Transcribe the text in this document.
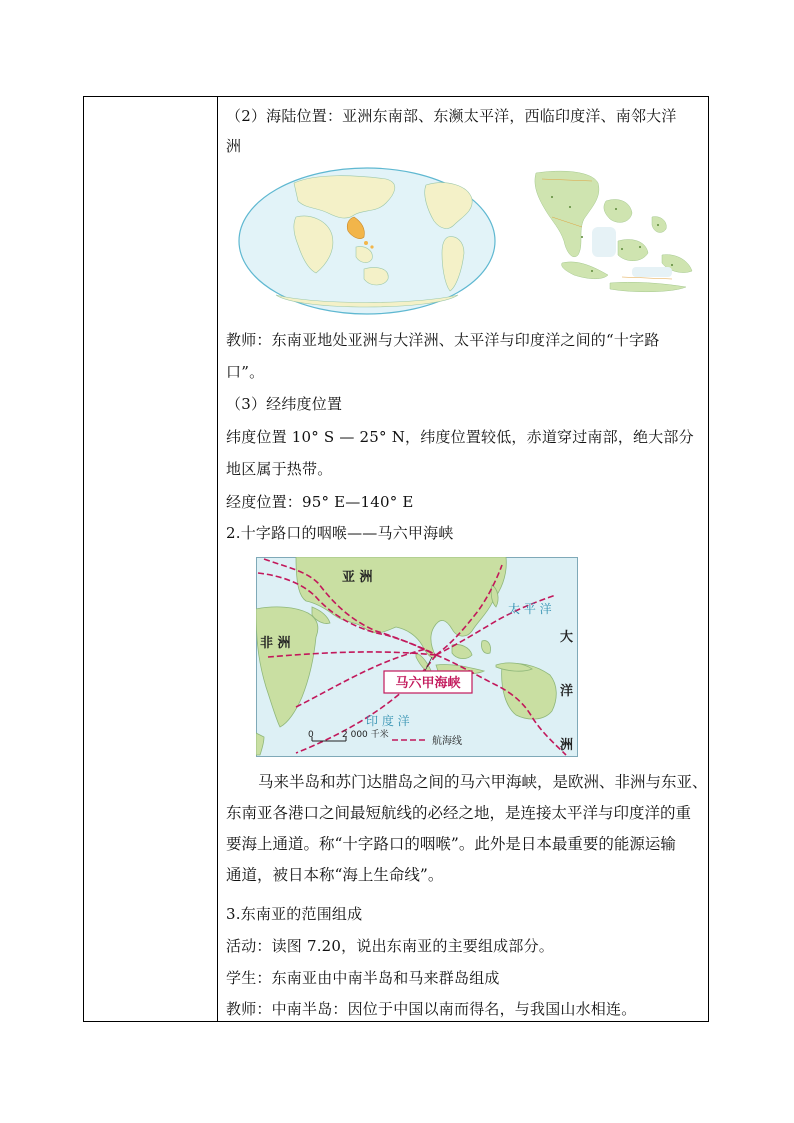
（2）海陆位置：亚洲东南部、东濒太平洋，西临印度洋、南邻大洋
洲
教师：东南亚地处亚洲与大洋洲、太平洋与印度洋之间的“十字路
口”。
（3）经纬度位置
纬度位置 10° S — 25° N，纬度位置较低，赤道穿过南部，绝大部分
地区属于热带。
经度位置：95° E—140° E
2.十字路口的咽喉——马六甲海峡
马六甲海峡
亚 洲
非 洲
太 平 洋
大
洋
洲
印 度 洋
0	2 000 千米
航海线
马来半岛和苏门达腊岛之间的马六甲海峡，是欧洲、非洲与东亚、
东南亚各港口之间最短航线的必经之地，是连接太平洋与印度洋的重
要海上通道。称“十字路口的咽喉”。此外是日本最重要的能源运输
通道，被日本称“海上生命线”。
3.东南亚的范围组成
活动：读图 7.20，说出东南亚的主要组成部分。
学生：东南亚由中南半岛和马来群岛组成
教师：中南半岛：因位于中国以南而得名，与我国山水相连。
